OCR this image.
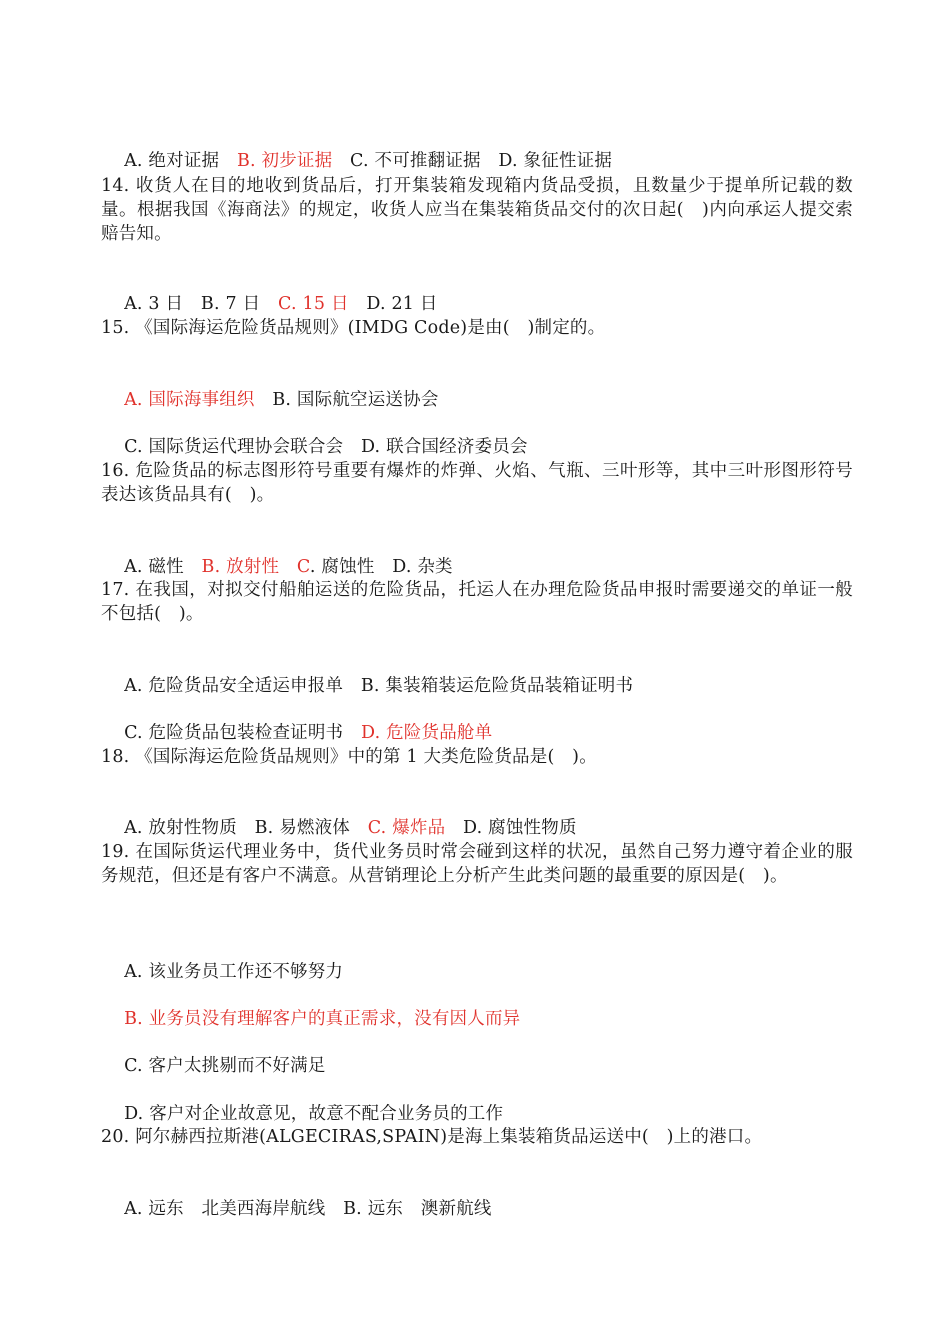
A. 绝对证据　B. 初步证据　C. 不可推翻证据　D. 象征性证据

14. 收货人在目的地收到货品后，打开集装箱发现箱内货品受损，且数量少于提单所记载的数量。根据我国《海商法》的规定，收货人应当在集装箱货品交付的次日起(　)内向承运人提交索赔告知。

A. 3 日　B. 7 日　C. 15 日　D. 21 日

15. 《国际海运危险货品规则》(IMDG Code)是由(　)制定的。

A. 国际海事组织　B. 国际航空运送协会

C. 国际货运代理协会联合会　D. 联合国经济委员会

16. 危险货品的标志图形符号重要有爆炸的炸弹、火焰、气瓶、三叶形等，其中三叶形图形符号表达该货品具有(　)。

A. 磁性　B. 放射性　C. 腐蚀性　D. 杂类

17. 在我国，对拟交付船舶运送的危险货品，托运人在办理危险货品申报时需要递交的单证一般不包括(　)。

A. 危险货品安全适运申报单　B. 集装箱装运危险货品装箱证明书

C. 危险货品包装检查证明书　D. 危险货品舱单

18. 《国际海运危险货品规则》中的第 1 大类危险货品是(　)。

A. 放射性物质　B. 易燃液体　C. 爆炸品　D. 腐蚀性物质

19. 在国际货运代理业务中，货代业务员时常会碰到这样的状况，虽然自己努力遵守着企业的服务规范，但还是有客户不满意。从营销理论上分析产生此类问题的最重要的原因是(　)。

A. 该业务员工作还不够努力

B. 业务员没有理解客户的真正需求，没有因人而异

C. 客户太挑剔而不好满足

D. 客户对企业故意见，故意不配合业务员的工作

20. 阿尔赫西拉斯港(ALGECIRAS,SPAIN)是海上集装箱货品运送中(　)上的港口。

A. 远东　北美西海岸航线　B. 远东　澳新航线
